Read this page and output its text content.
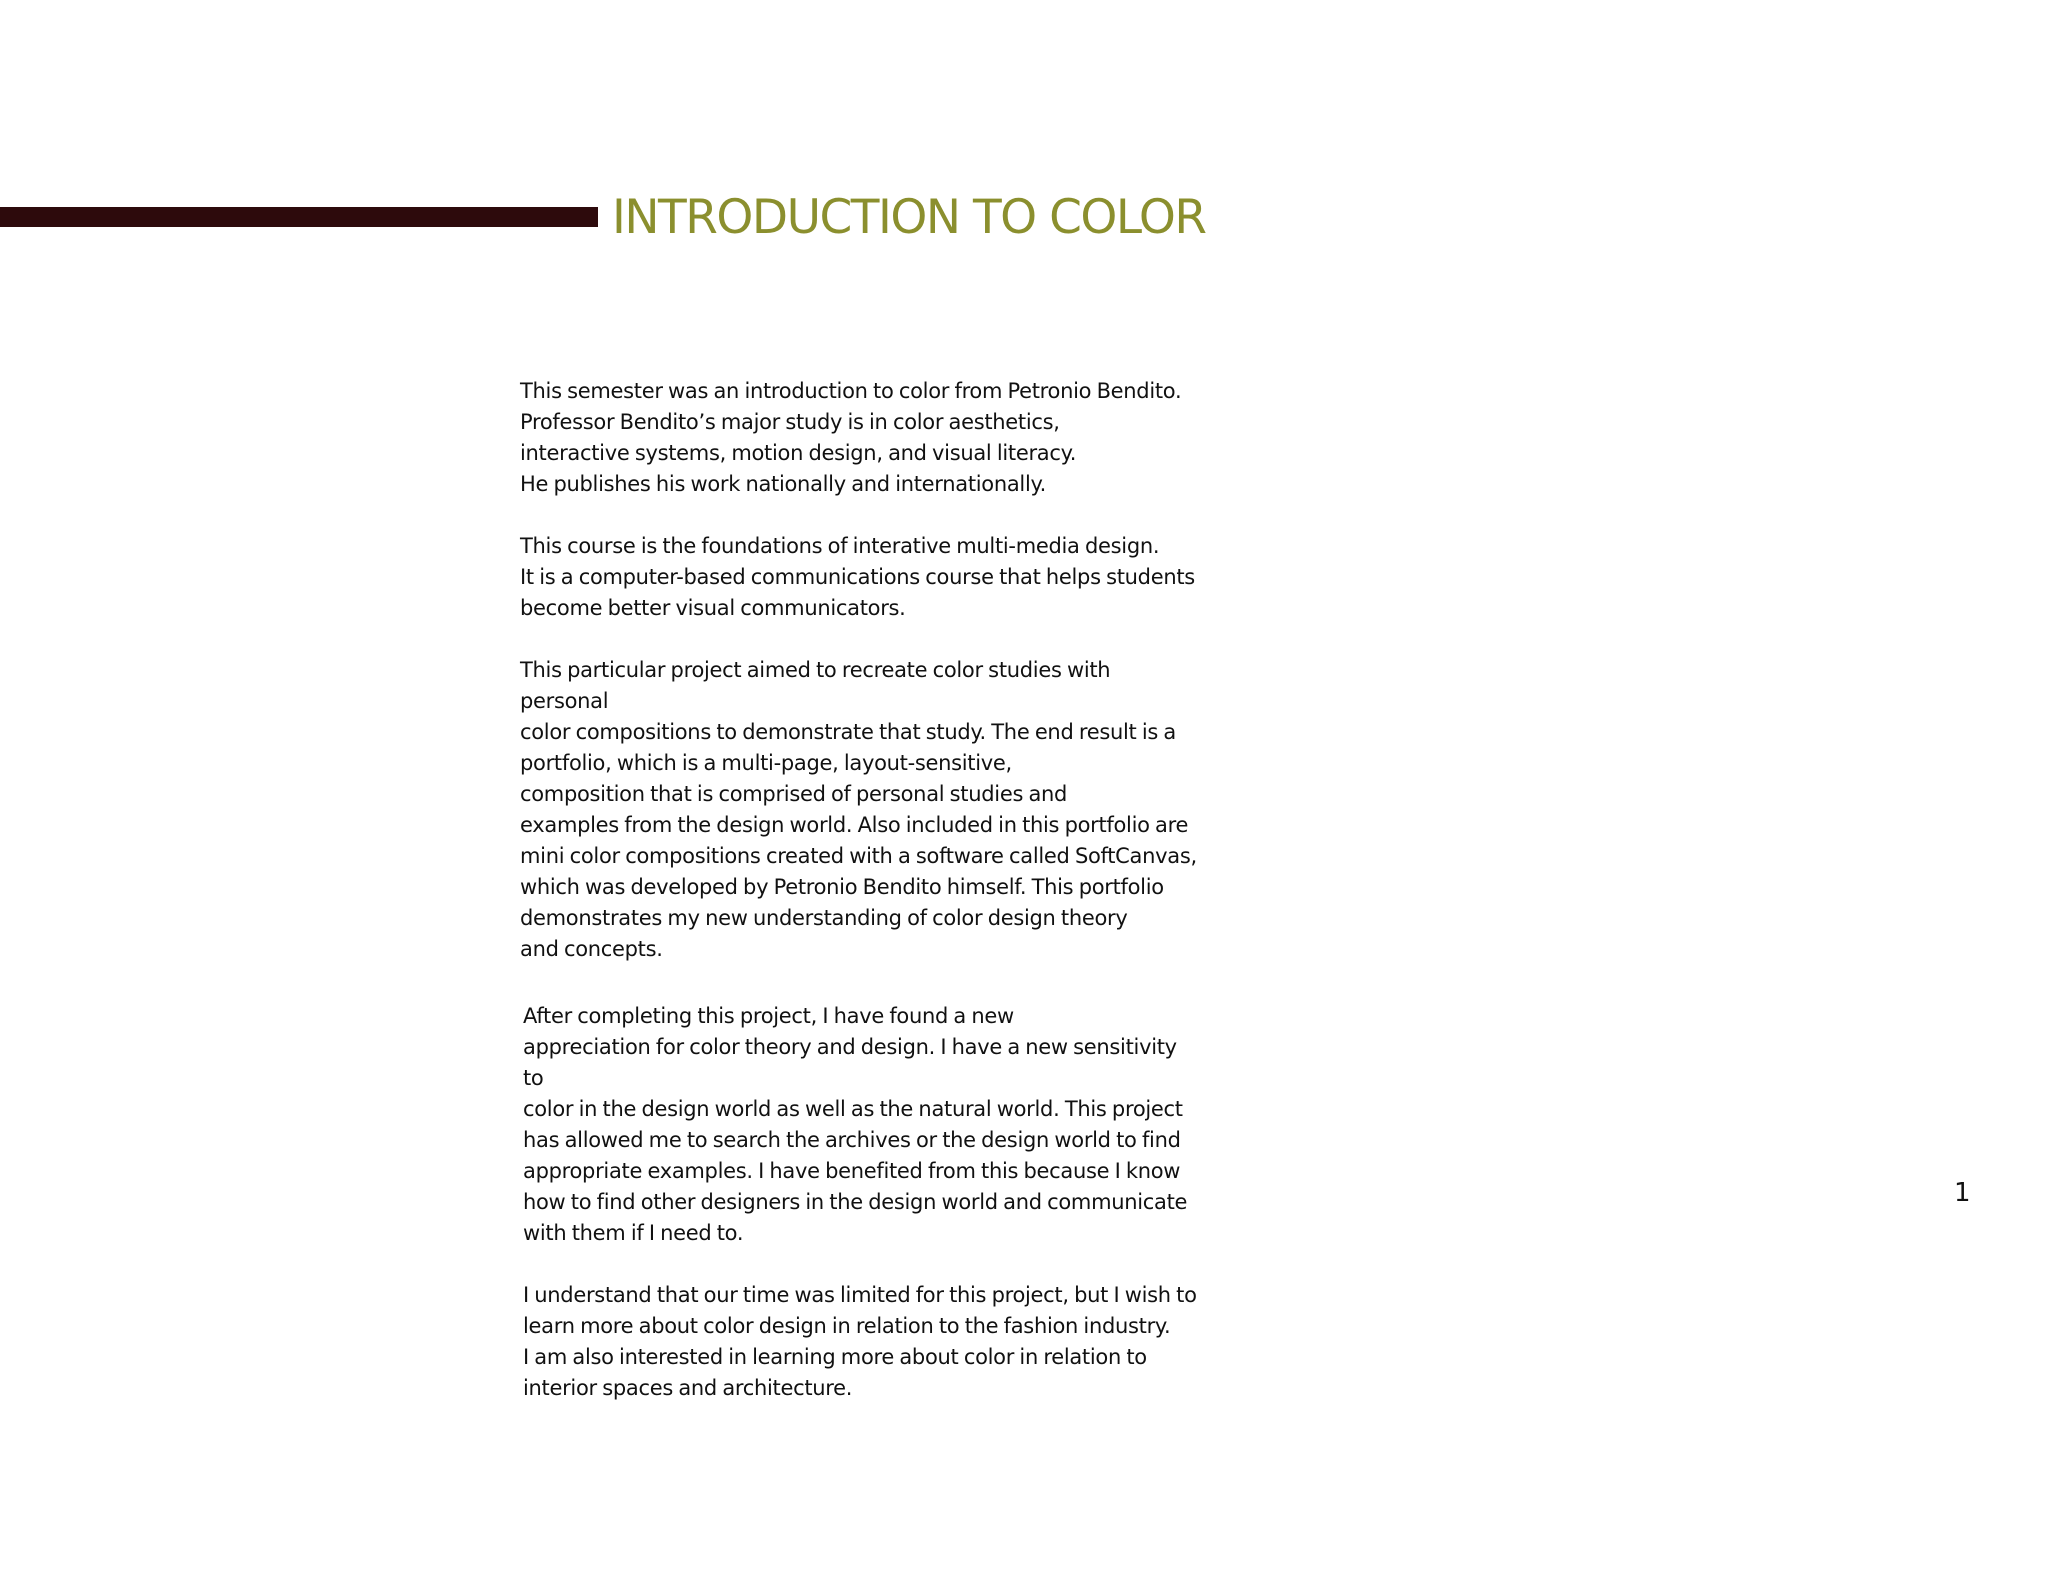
INTRODUCTION TO COLOR

This semester was an introduction to color from Petronio Bendito.
Professor Bendito’s major study is in color aesthetics,
interactive systems, motion design, and visual literacy.
He publishes his work nationally and internationally.

This course is the foundations of interative multi-media design.
It is a computer-based communications course that helps students
become better visual communicators.

This particular project aimed to recreate color studies with personal
color compositions to demonstrate that study. The end result is a
portfolio, which is a multi-page, layout-sensitive,
composition that is comprised of personal studies and
examples from the design world. Also included in this portfolio are
mini color compositions created with a software called SoftCanvas,
which was developed by Petronio Bendito himself. This portfolio
demonstrates my new understanding of color design theory
and concepts.

After completing this project, I have found a new
appreciation for color theory and design. I have a new sensitivity to
color in the design world as well as the natural world. This project
has allowed me to search the archives or the design world to find
appropriate examples. I have benefited from this because I know
how to find other designers in the design world and communicate
with them if I need to.

I understand that our time was limited for this project, but I wish to
learn more about color design in relation to the fashion industry.
I am also interested in learning more about color in relation to
interior spaces and architecture.

1
